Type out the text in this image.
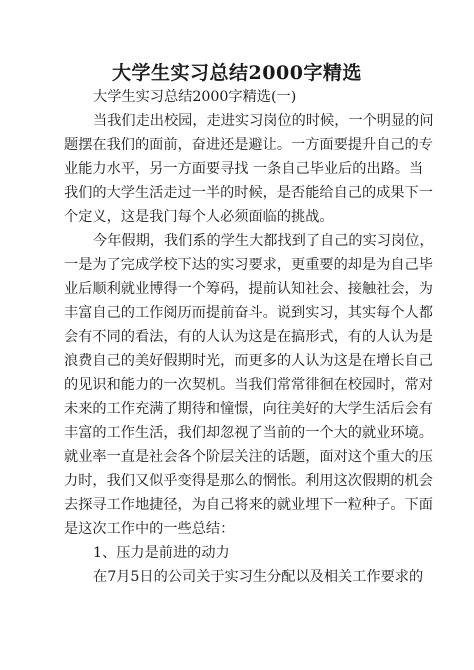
大学生实习总结2000字精选
大学生实习总结2000字精选(一)
当我们走出校园，走进实习岗位的时候，一个明显的问
题摆在我们的面前，奋进还是避让。一方面要提升自己的专
业能力水平，另一方面要寻找 一条自己毕业后的出路。当
我们的大学生活走过一半的时候，是否能给自己的成果下一
个定义，这是我门每个人必须面临的挑战。
今年假期，我们系的学生大都找到了自己的实习岗位，
一是为了完成学校下达的实习要求，更重要的却是为自己毕
业后顺利就业博得一个筹码，提前认知社会、接触社会，为
丰富自己的工作阅历而提前奋斗。说到实习，其实每个人都
会有不同的看法，有的人认为这是在搞形式，有的人认为是
浪费自己的美好假期时光，而更多的人认为这是在增长自己
的见识和能力的一次契机。当我们常常徘徊在校园时，常对
未来的工作充满了期待和憧憬，向往美好的大学生活后会有
丰富的工作生活，我们却忽视了当前的一个大的就业环境。
就业率一直是社会各个阶层关注的话题，面对这个重大的压
力时，我们又似乎变得是那么的惘怅。利用这次假期的机会
去探寻工作地捷径，为自己将来的就业埋下一粒种子。下面
是这次工作中的一些总结：
1、压力是前进的动力
在7月5日的公司关于实习生分配以及相关工作要求的
